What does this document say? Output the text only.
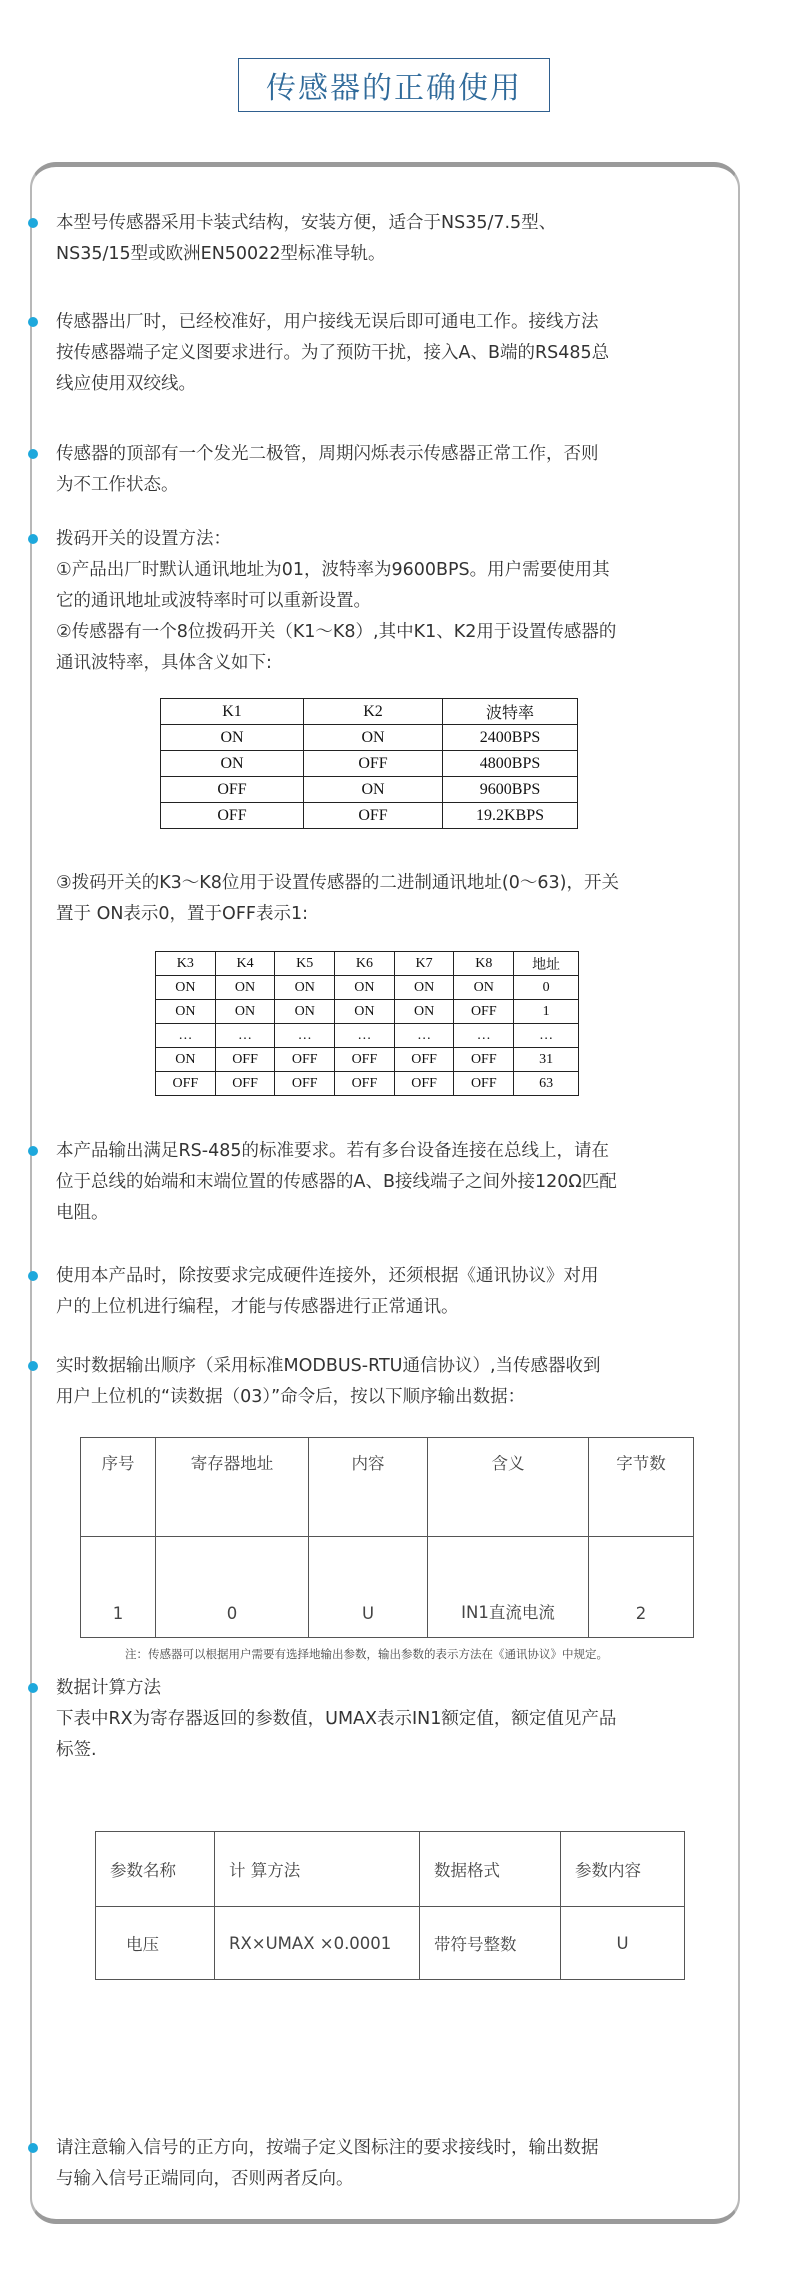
传感器的正确使用
本型号传感器采用卡装式结构，安装方便，适合于NS35/7.5型、
NS35/15型或欧洲EN50022型标准导轨。
传感器出厂时，已经校准好，用户接线无误后即可通电工作。接线方法
按传感器端子定义图要求进行。为了预防干扰，接入A、B端的RS485总
线应使用双绞线。
传感器的顶部有一个发光二极管，周期闪烁表示传感器正常工作，否则
为不工作状态。
拨码开关的设置方法：
①产品出厂时默认通讯地址为01，波特率为9600BPS。用户需要使用其
它的通讯地址或波特率时可以重新设置。
②传感器有一个8位拨码开关（K1～K8）,其中K1、K2用于设置传感器的
通讯波特率，具体含义如下:
K1	K2	波特率
ON	ON	2400BPS
ON	OFF	4800BPS
OFF	ON	9600BPS
OFF	OFF	19.2KBPS
③拨码开关的K3～K8位用于设置传感器的二进制通讯地址(0～63)，开关
置于 ON表示0，置于OFF表示1:
K3	K4	K5	K6	K7	K8	地址
ON	ON	ON	ON	ON	ON	0
ON	ON	ON	ON	ON	OFF	1
…	…	…	…	…	…	…
ON	OFF	OFF	OFF	OFF	OFF	31
OFF	OFF	OFF	OFF	OFF	OFF	63
本产品输出满足RS-485的标准要求。若有多台设备连接在总线上，请在
位于总线的始端和末端位置的传感器的A、B接线端子之间外接120Ω匹配
电阻。
使用本产品时，除按要求完成硬件连接外，还须根据《通讯协议》对用
户的上位机进行编程，才能与传感器进行正常通讯。
实时数据输出顺序（采用标准MODBUS-RTU通信协议）,当传感器收到
用户上位机的“读数据（03）”命令后，按以下顺序输出数据：
序号	寄存器地址	内容	含义	字节数
1	0	U	IN1直流电流	2
注：传感器可以根据用户需要有选择地输出参数，输出参数的表示方法在《通讯协议》中规定。
数据计算方法
下表中RX为寄存器返回的参数值，UMAX表示IN1额定值，额定值见产品
标签.
参数名称	计 算方法	数据格式	参数内容
电压	RX×UMAX ×0.0001	带符号整数	U
请注意输入信号的正方向，按端子定义图标注的要求接线时，输出数据
与输入信号正端同向，否则两者反向。
